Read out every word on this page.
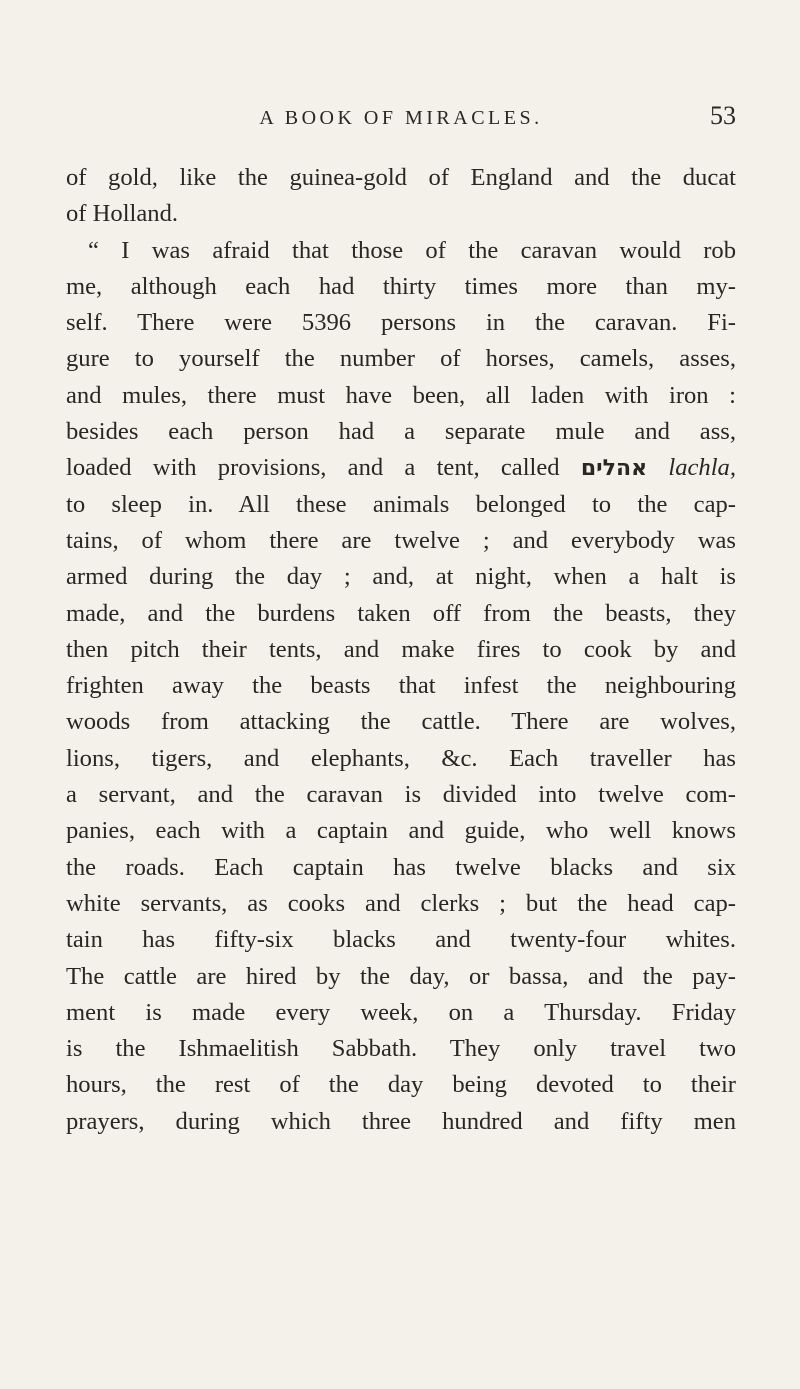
A BOOK OF MIRACLES.	53
of gold, like the guinea-gold of England and the ducat
of Holland.
“ I was afraid that those of the caravan would rob
me, although each had thirty times more than my-
self. There were 5396 persons in the caravan. Fi-
gure to yourself the number of horses, camels, asses,
and mules, there must have been, all laden with iron :
besides each person had a separate mule and ass,
loaded with provisions, and a tent, called אהלים lachla,
to sleep in. All these animals belonged to the cap-
tains, of whom there are twelve ; and everybody was
armed during the day ; and, at night, when a halt is
made, and the burdens taken off from the beasts, they
then pitch their tents, and make fires to cook by and
frighten away the beasts that infest the neighbouring
woods from attacking the cattle. There are wolves,
lions, tigers, and elephants, &c. Each traveller has
a servant, and the caravan is divided into twelve com-
panies, each with a captain and guide, who well knows
the roads. Each captain has twelve blacks and six
white servants, as cooks and clerks ; but the head cap-
tain has fifty-six blacks and twenty-four whites.
The cattle are hired by the day, or bassa, and the pay-
ment is made every week, on a Thursday. Friday
is the Ishmaelitish Sabbath. They only travel two
hours, the rest of the day being devoted to their
prayers, during which three hundred and fifty men
